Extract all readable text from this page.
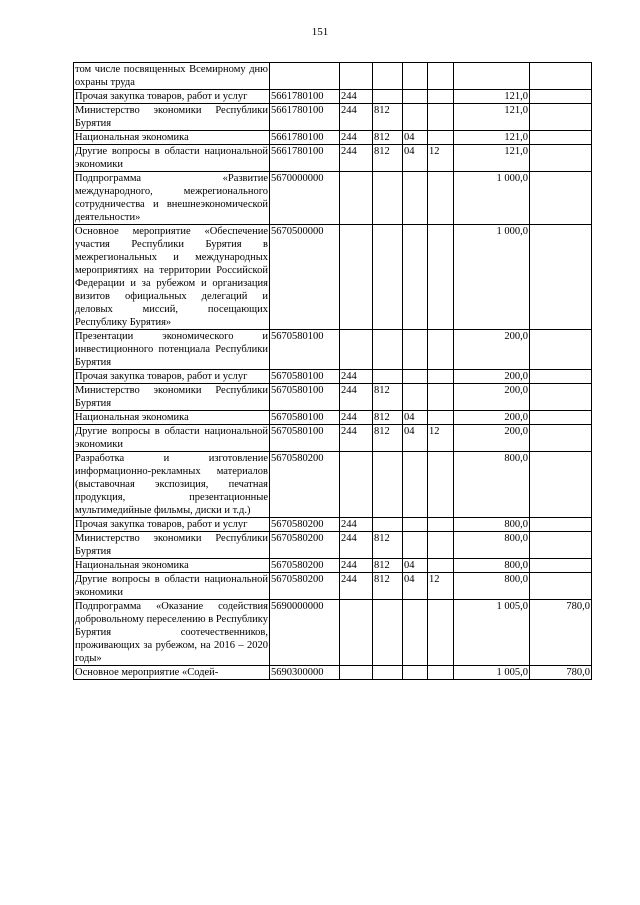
151
том числе посвященных Всемирному дню охраны труда							
Прочая закупка товаров, работ и услуг	5661780100	244				121,0	
Министерство экономики Республики Бурятия	5661780100	244	812			121,0	
Национальная экономика	5661780100	244	812	04		121,0	
Другие вопросы в области национальной экономики	5661780100	244	812	04	12	121,0	
Подпрограмма «Развитие международного, межрегионального сотрудничества и внешнеэкономической деятельности»	5670000000					1 000,0	
Основное мероприятие «Обеспечение участия Республики Бурятия в межрегиональных и международных мероприятиях на территории Российской Федерации и за рубежом и организация визитов официальных делегаций и деловых миссий, посещающих Республику Бурятия»	5670500000					1 000,0	
Презентации экономического и инвестиционного потенциала Республики Бурятия	5670580100					200,0	
Прочая закупка товаров, работ и услуг	5670580100	244				200,0	
Министерство экономики Республики Бурятия	5670580100	244	812			200,0	
Национальная экономика	5670580100	244	812	04		200,0	
Другие вопросы в области национальной экономики	5670580100	244	812	04	12	200,0	
Разработка и изготовление информационно-рекламных материалов (выставочная экспозиция, печатная продукция, презентационные мультимедийные фильмы, диски и т.д.)	5670580200					800,0	
Прочая закупка товаров, работ и услуг	5670580200	244				800,0	
Министерство экономики Республики Бурятия	5670580200	244	812			800,0	
Национальная экономика	5670580200	244	812	04		800,0	
Другие вопросы в области национальной экономики	5670580200	244	812	04	12	800,0	
Подпрограмма «Оказание содействия добровольному переселению в Республику Бурятия соотечественников, проживающих за рубежом, на 2016 – 2020 годы»	5690000000					1 005,0	780,0
Основное мероприятие «Содей-	5690300000					1 005,0	780,0
